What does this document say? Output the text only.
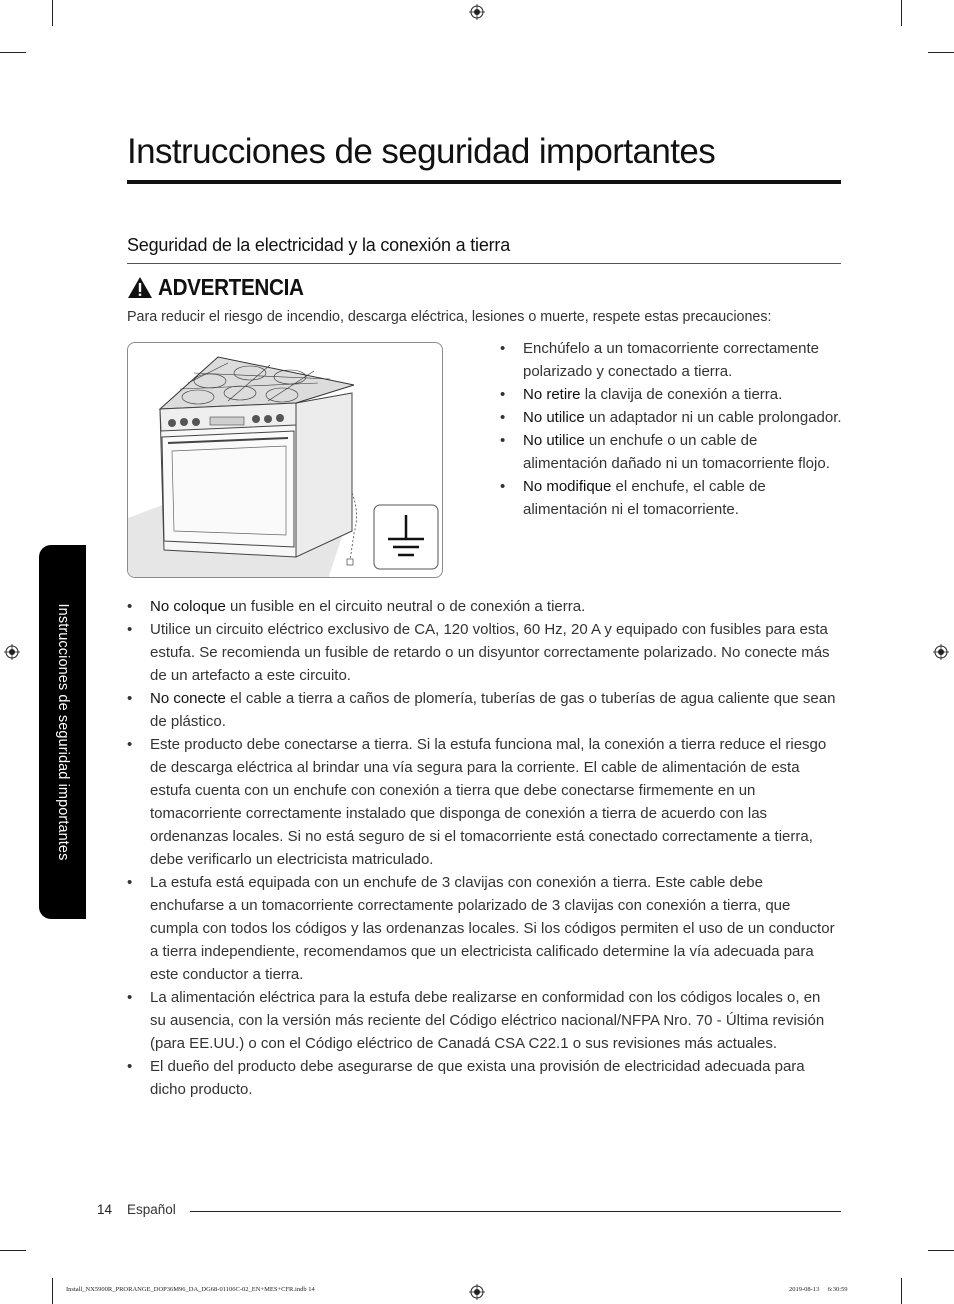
Instrucciones de seguridad importantes
Seguridad de la electricidad y la conexión a tierra
ADVERTENCIA
Para reducir el riesgo de incendio, descarga eléctrica, lesiones o muerte, respete estas precauciones:
• Enchúfelo a un tomacorriente correctamente polarizado y conectado a tierra.
• No retire la clavija de conexión a tierra.
• No utilice un adaptador ni un cable prolongador.
• No utilice un enchufe o un cable de alimentación dañado ni un tomacorriente flojo.
• No modifique el enchufe, el cable de alimentación ni el tomacorriente.
• No coloque un fusible en el circuito neutral o de conexión a tierra.
• Utilice un circuito eléctrico exclusivo de CA, 120 voltios, 60 Hz, 20 A y equipado con fusibles para esta estufa. Se recomienda un fusible de retardo o un disyuntor correctamente polarizado. No conecte más de un artefacto a este circuito.
• No conecte el cable a tierra a caños de plomería, tuberías de gas o tuberías de agua caliente que sean de plástico.
• Este producto debe conectarse a tierra. Si la estufa funciona mal, la conexión a tierra reduce el riesgo de descarga eléctrica al brindar una vía segura para la corriente. El cable de alimentación de esta estufa cuenta con un enchufe con conexión a tierra que debe conectarse firmemente en un tomacorriente correctamente instalado que disponga de conexión a tierra de acuerdo con las ordenanzas locales. Si no está seguro de si el tomacorriente está conectado correctamente a tierra, debe verificarlo un electricista matriculado.
• La estufa está equipada con un enchufe de 3 clavijas con conexión a tierra. Este cable debe enchufarse a un tomacorriente correctamente polarizado de 3 clavijas con conexión a tierra, que cumpla con todos los códigos y las ordenanzas locales. Si los códigos permiten el uso de un conductor a tierra independiente, recomendamos que un electricista calificado determine la vía adecuada para este conductor a tierra.
• La alimentación eléctrica para la estufa debe realizarse en conformidad con los códigos locales o, en su ausencia, con la versión más reciente del Código eléctrico nacional/NFPA Nro. 70 - Última revisión (para EE.UU.) o con el Código eléctrico de Canadá CSA C22.1 o sus revisiones más actuales.
• El dueño del producto debe asegurarse de que exista una provisión de electricidad adecuada para dicho producto.
Instrucciones de seguridad importantes
14 Español
Install_NX5900R_PRORANGE_DOP36M96_DA_DG68-01106C-02_EN+MES+CFR.indb 14	2019-08-13 ￿ 6:30:59
